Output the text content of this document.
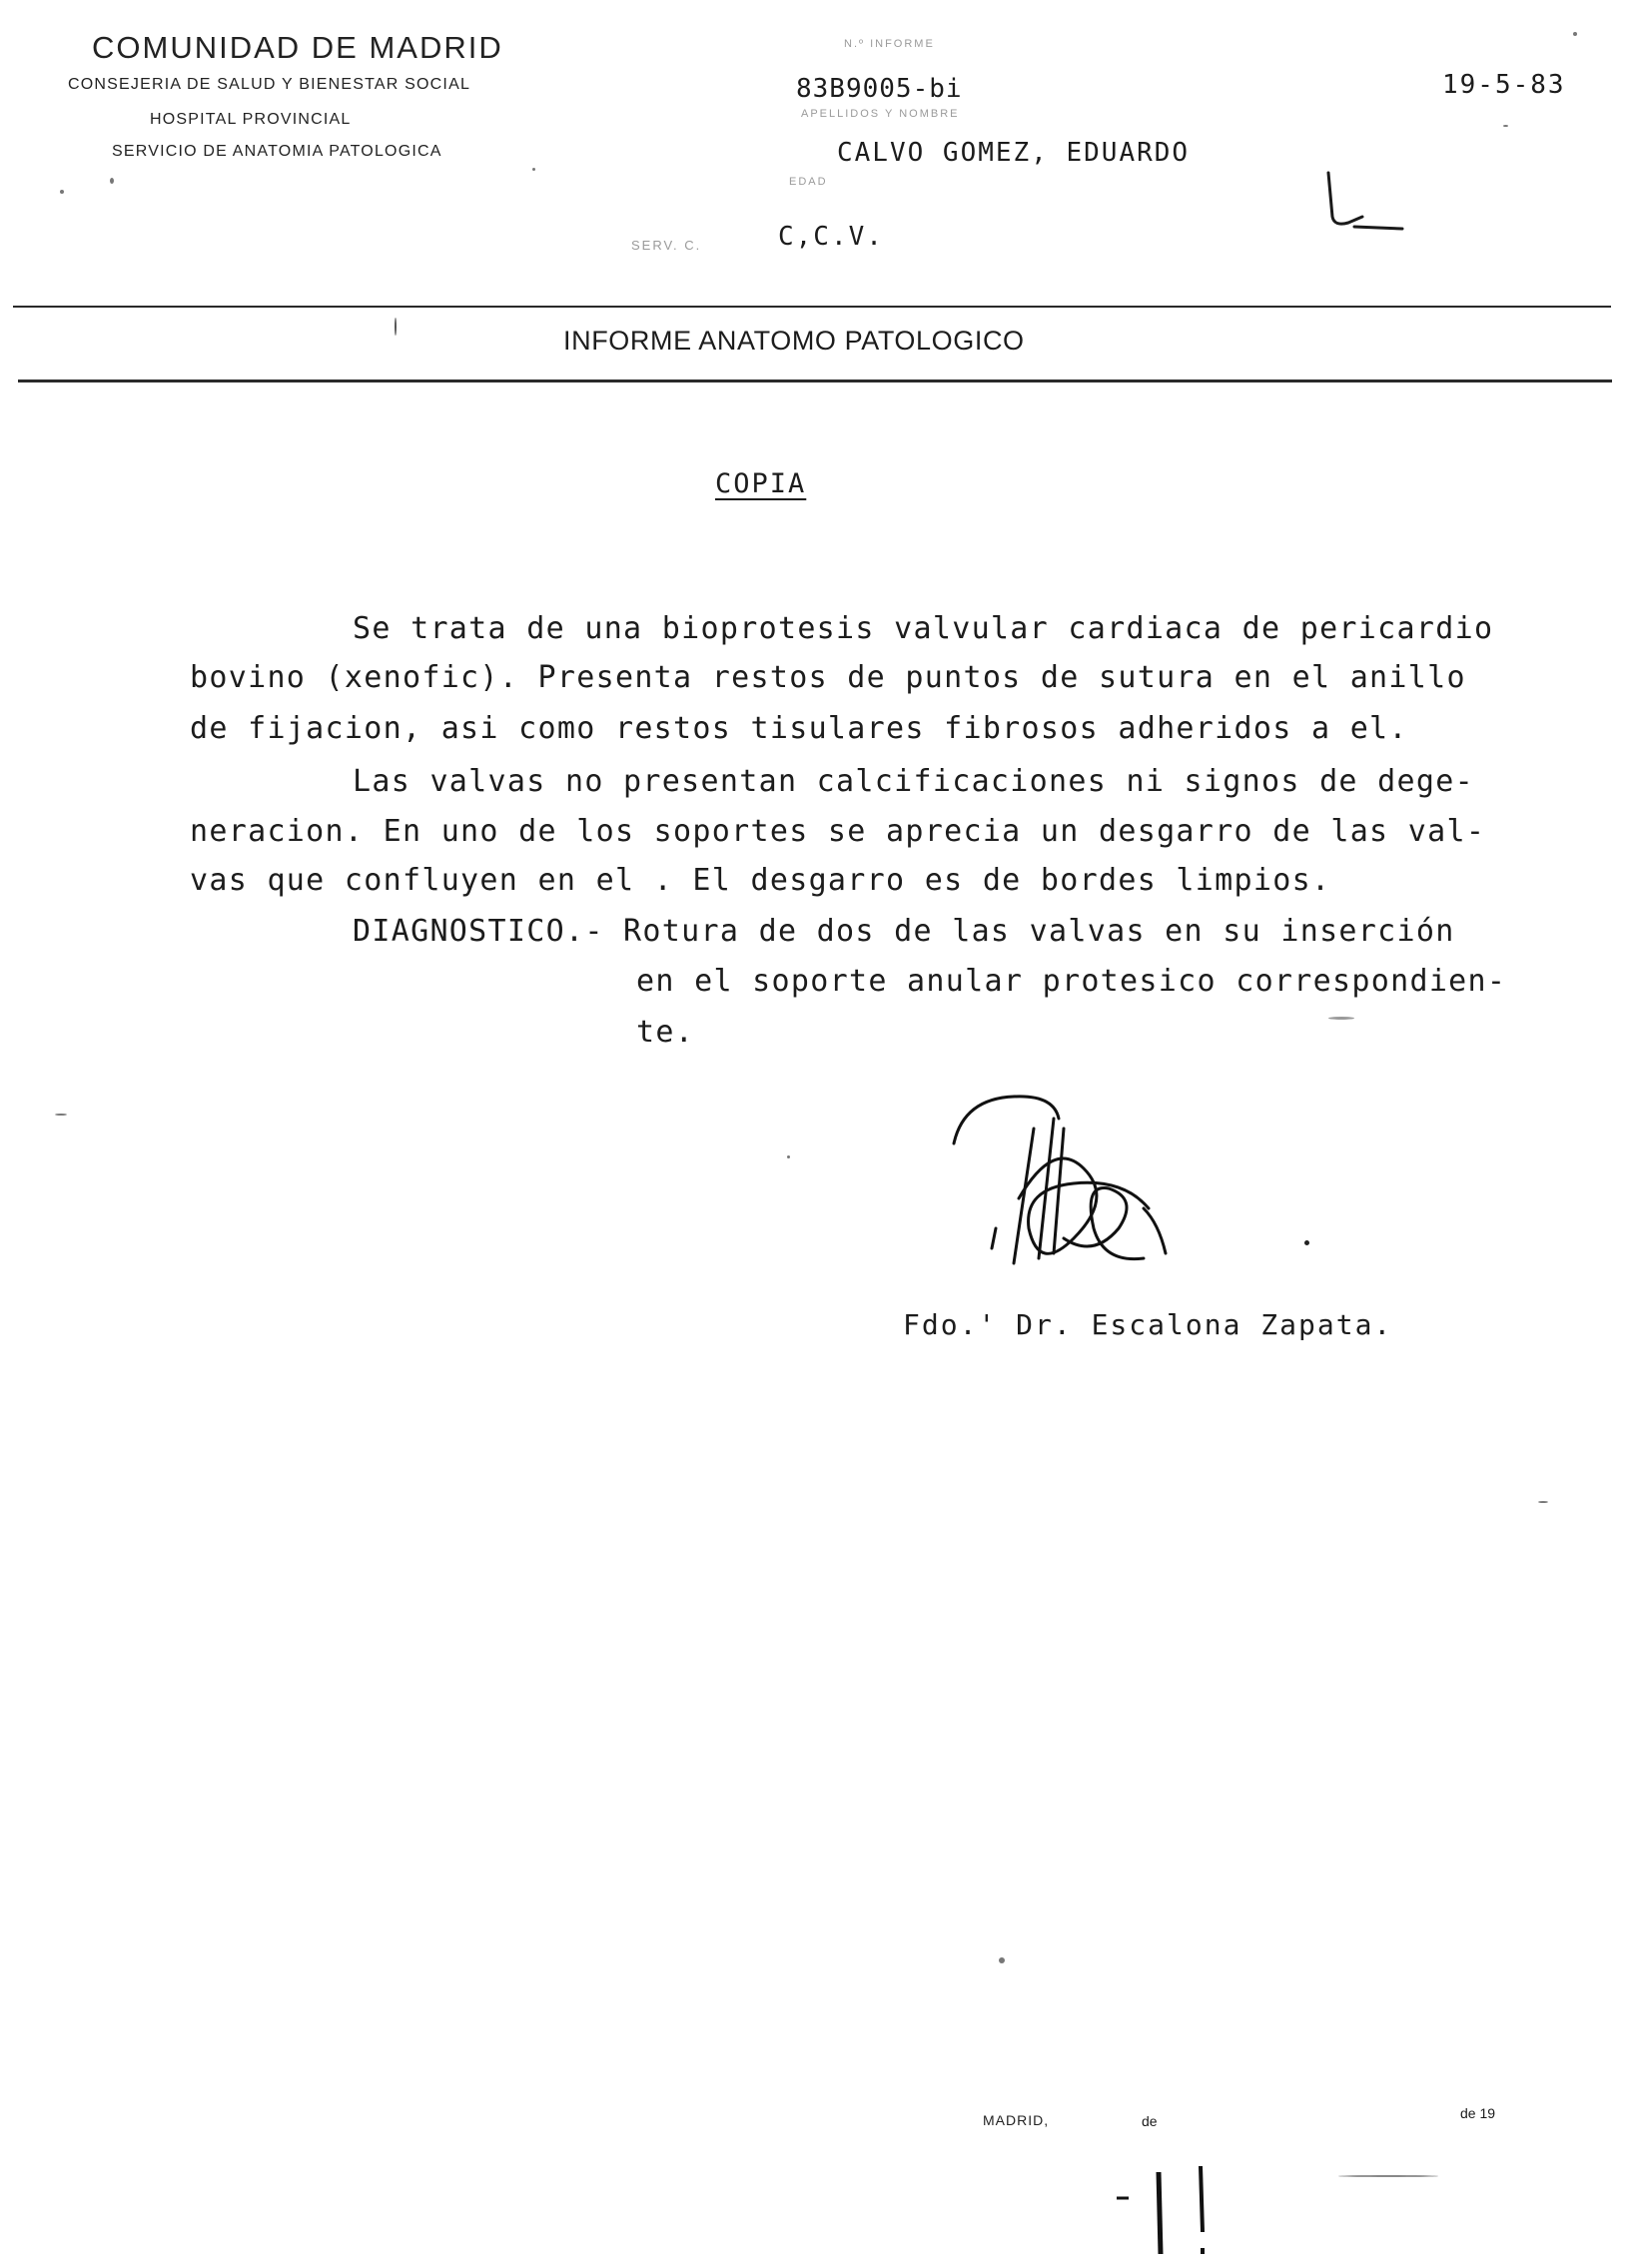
COMUNIDAD DE MADRID
CONSEJERIA DE SALUD Y BIENESTAR SOCIAL
HOSPITAL PROVINCIAL
SERVICIO DE ANATOMIA PATOLOGICA
N.º INFORME
83B9005-bi
APELLIDOS Y NOMBRE
CALVO GOMEZ, EDUARDO
EDAD
SERV. C.	C,C.V.
19-5-83
INFORME ANATOMO PATOLOGICO
COPIA
Se trata de una bioprotesis valvular cardiaca de pericardio
bovino (xenofic). Presenta restos de puntos de sutura en el anillo
de fijacion, asi como restos tisulares fibrosos adheridos a el.
Las valvas no presentan calcificaciones ni signos de dege-
neracion. En uno de los soportes se aprecia un desgarro de las val-
vas que confluyen en el . El desgarro es de bordes limpios.
DIAGNOSTICO.- Rotura de dos de las valvas en su inserción
en el soporte anular protesico correspondien-
te.
Fdo.' Dr. Escalona Zapata.
MADRID,	de	de 19
